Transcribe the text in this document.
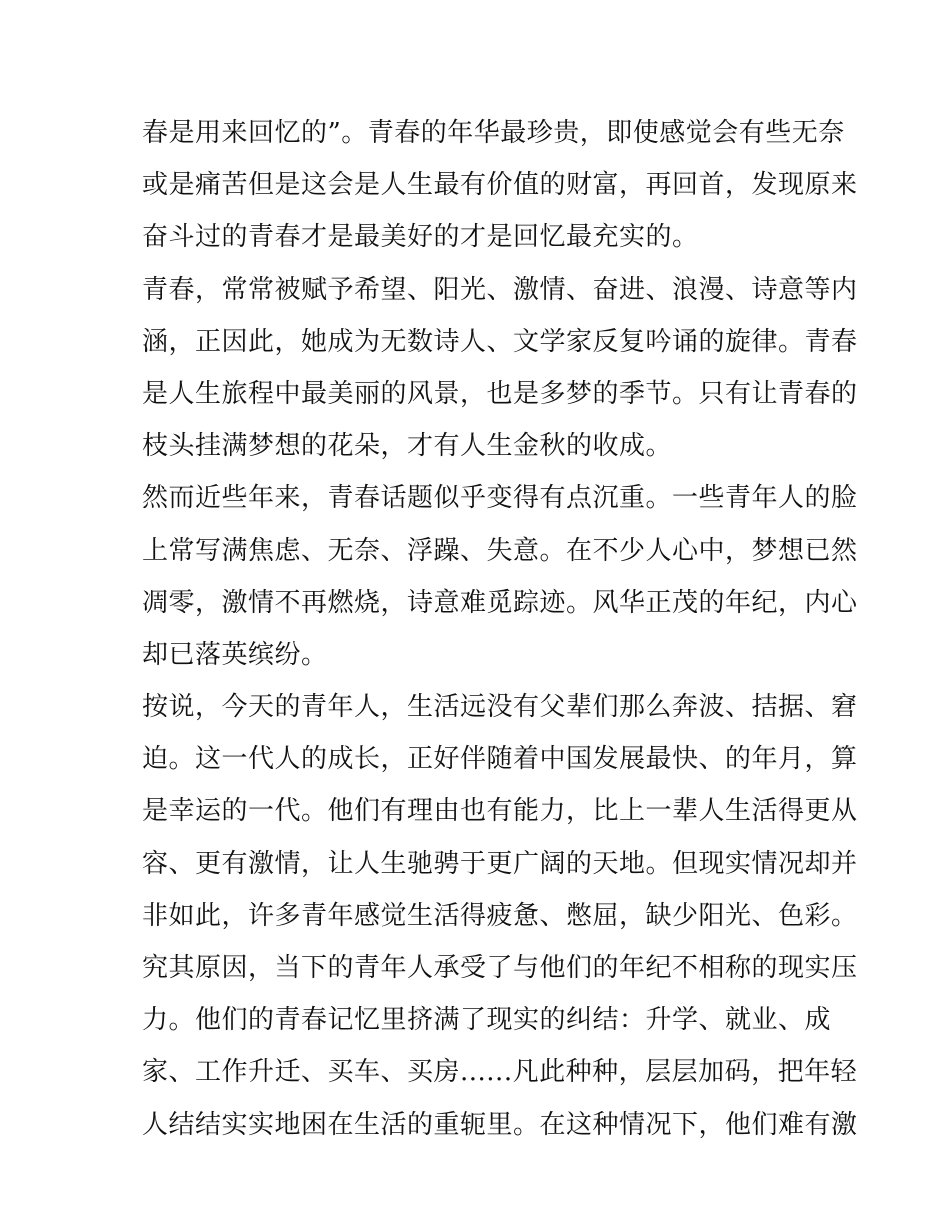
春是用来回忆的”。青春的年华最珍贵，即使感觉会有些无奈
或是痛苦但是这会是人生最有价值的财富，再回首，发现原来
奋斗过的青春才是最美好的才是回忆最充实的。
青春，常常被赋予希望、阳光、激情、奋进、浪漫、诗意等内
涵，正因此，她成为无数诗人、文学家反复吟诵的旋律。青春
是人生旅程中最美丽的风景，也是多梦的季节。只有让青春的
枝头挂满梦想的花朵，才有人生金秋的收成。
然而近些年来，青春话题似乎变得有点沉重。一些青年人的脸
上常写满焦虑、无奈、浮躁、失意。在不少人心中，梦想已然
凋零，激情不再燃烧，诗意难觅踪迹。风华正茂的年纪，内心
却已落英缤纷。
按说，今天的青年人，生活远没有父辈们那么奔波、拮据、窘
迫。这一代人的成长，正好伴随着中国发展最快、的年月，算
是幸运的一代。他们有理由也有能力，比上一辈人生活得更从
容、更有激情，让人生驰骋于更广阔的天地。但现实情况却并
非如此，许多青年感觉生活得疲惫、憋屈，缺少阳光、色彩。
究其原因，当下的青年人承受了与他们的年纪不相称的现实压
力。他们的青春记忆里挤满了现实的纠结：升学、就业、成
家、工作升迁、买车、买房......凡此种种，层层加码，把年轻
人结结实实地困在生活的重轭里。在这种情况下，他们难有激
